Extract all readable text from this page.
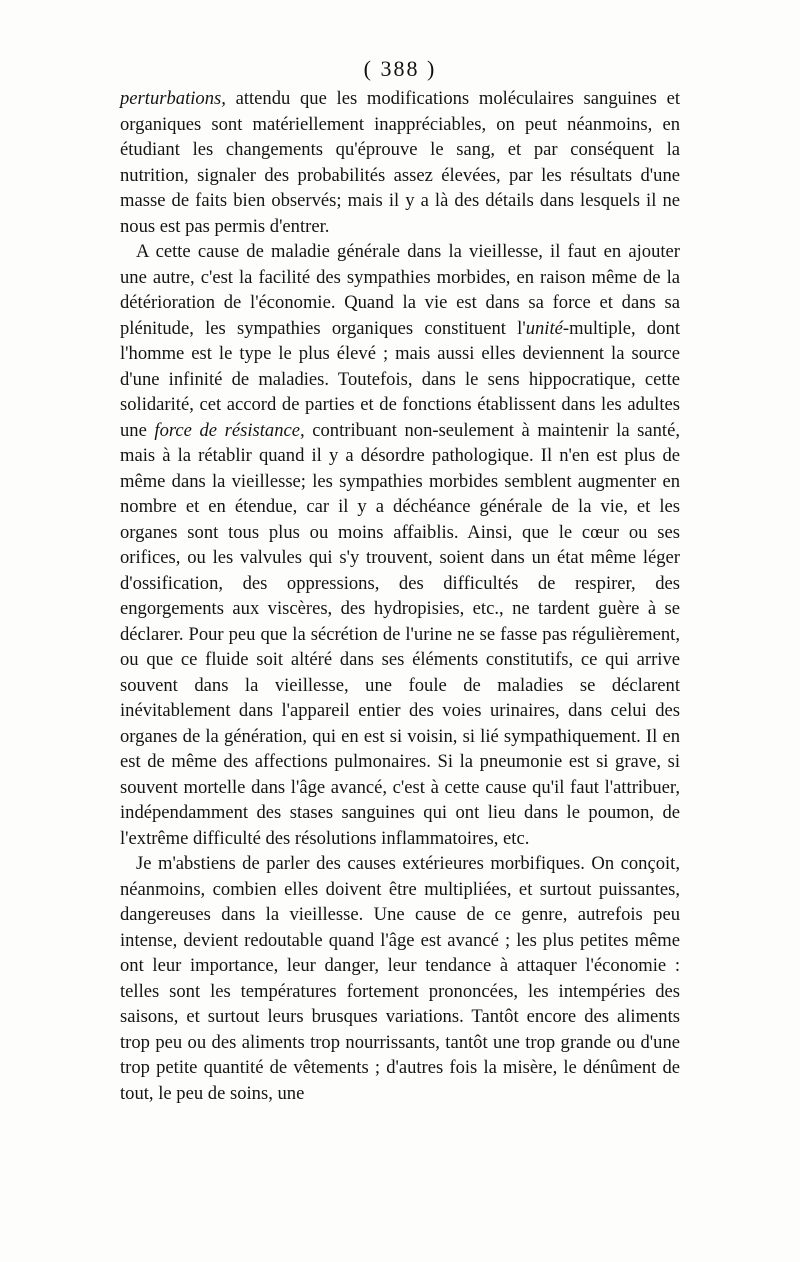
( 388 )

perturbations, attendu que les modifications moléculaires sanguines et organiques sont matériellement inappréciables, on peut néanmoins, en étudiant les changements qu'éprouve le sang, et par conséquent la nutrition, signaler des probabilités assez élevées, par les résultats d'une masse de faits bien observés; mais il y a là des détails dans lesquels il ne nous est pas permis d'entrer.

A cette cause de maladie générale dans la vieillesse, il faut en ajouter une autre, c'est la facilité des sympathies morbides, en raison même de la détérioration de l'économie. Quand la vie est dans sa force et dans sa plénitude, les sympathies organiques constituent l'unité-multiple, dont l'homme est le type le plus élevé ; mais aussi elles deviennent la source d'une infinité de maladies. Toutefois, dans le sens hippocratique, cette solidarité, cet accord de parties et de fonctions établissent dans les adultes une force de résistance, contribuant non-seulement à maintenir la santé, mais à la rétablir quand il y a désordre pathologique. Il n'en est plus de même dans la vieillesse; les sympathies morbides semblent augmenter en nombre et en étendue, car il y a déchéance générale de la vie, et les organes sont tous plus ou moins affaiblis. Ainsi, que le cœur ou ses orifices, ou les valvules qui s'y trouvent, soient dans un état même léger d'ossification, des oppressions, des difficultés de respirer, des engorgements aux viscères, des hydropisies, etc., ne tardent guère à se déclarer. Pour peu que la sécrétion de l'urine ne se fasse pas régulièrement, ou que ce fluide soit altéré dans ses éléments constitutifs, ce qui arrive souvent dans la vieillesse, une foule de maladies se déclarent inévitablement dans l'appareil entier des voies urinaires, dans celui des organes de la génération, qui en est si voisin, si lié sympathiquement. Il en est de même des affections pulmonaires. Si la pneumonie est si grave, si souvent mortelle dans l'âge avancé, c'est à cette cause qu'il faut l'attribuer, indépendamment des stases sanguines qui ont lieu dans le poumon, de l'extrême difficulté des résolutions inflammatoires, etc.

Je m'abstiens de parler des causes extérieures morbifiques. On conçoit, néanmoins, combien elles doivent être multipliées, et surtout puissantes, dangereuses dans la vieillesse. Une cause de ce genre, autrefois peu intense, devient redoutable quand l'âge est avancé ; les plus petites même ont leur importance, leur danger, leur tendance à attaquer l'économie : telles sont les températures fortement prononcées, les intempéries des saisons, et surtout leurs brusques variations. Tantôt encore des aliments trop peu ou des aliments trop nourrissants, tantôt une trop grande ou d'une trop petite quantité de vêtements ; d'autres fois la misère, le dénûment de tout, le peu de soins, une
